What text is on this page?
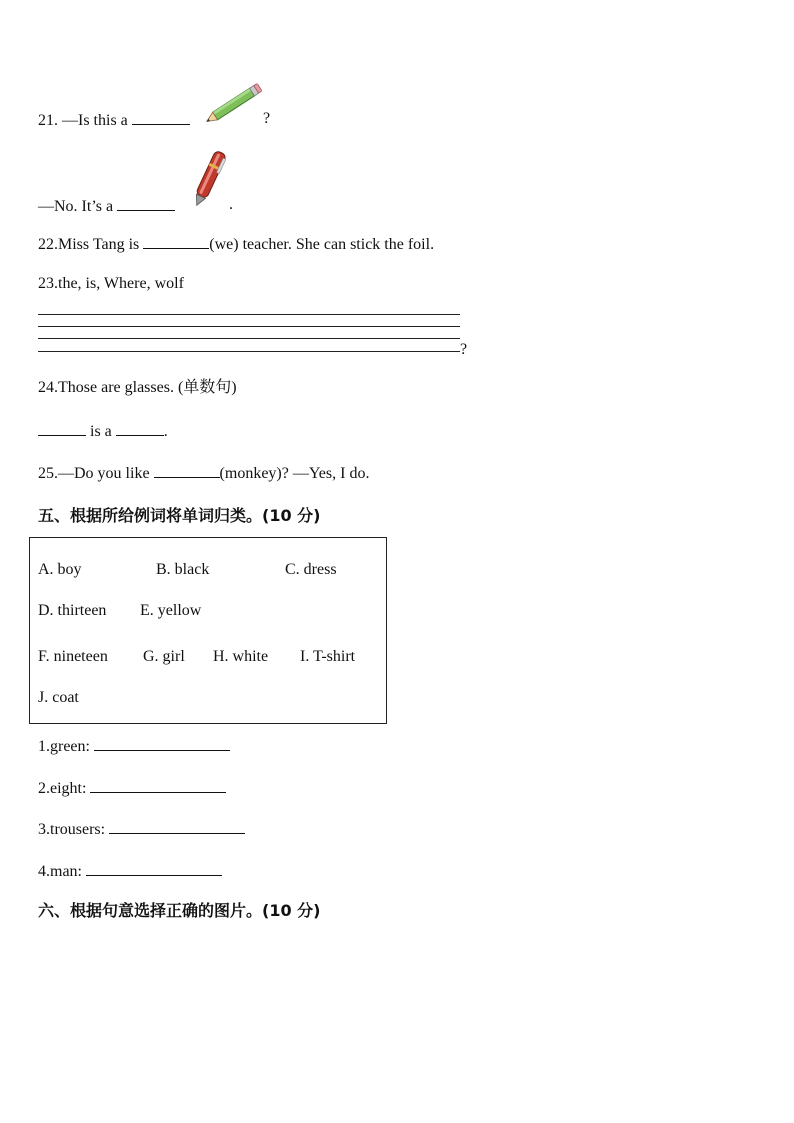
21. —Is this a	?
—No. It’s a	.
22.Miss Tang is	(we) teacher. She can stick the foil.
23.the, is, Where, wolf
?
24.Those are glasses. (单数句)
is a	.
25.—Do you like	(monkey)? —Yes, I do.
五、根据所给例词将单词归类。(10 分)
A. boy	B. black	C. dress
D. thirteen E. yellow
F. nineteen G. girl H. white I. T-shirt
J. coat
1.green:
2.eight:
3.trousers:
4.man:
六、根据句意选择正确的图片。(10 分)
